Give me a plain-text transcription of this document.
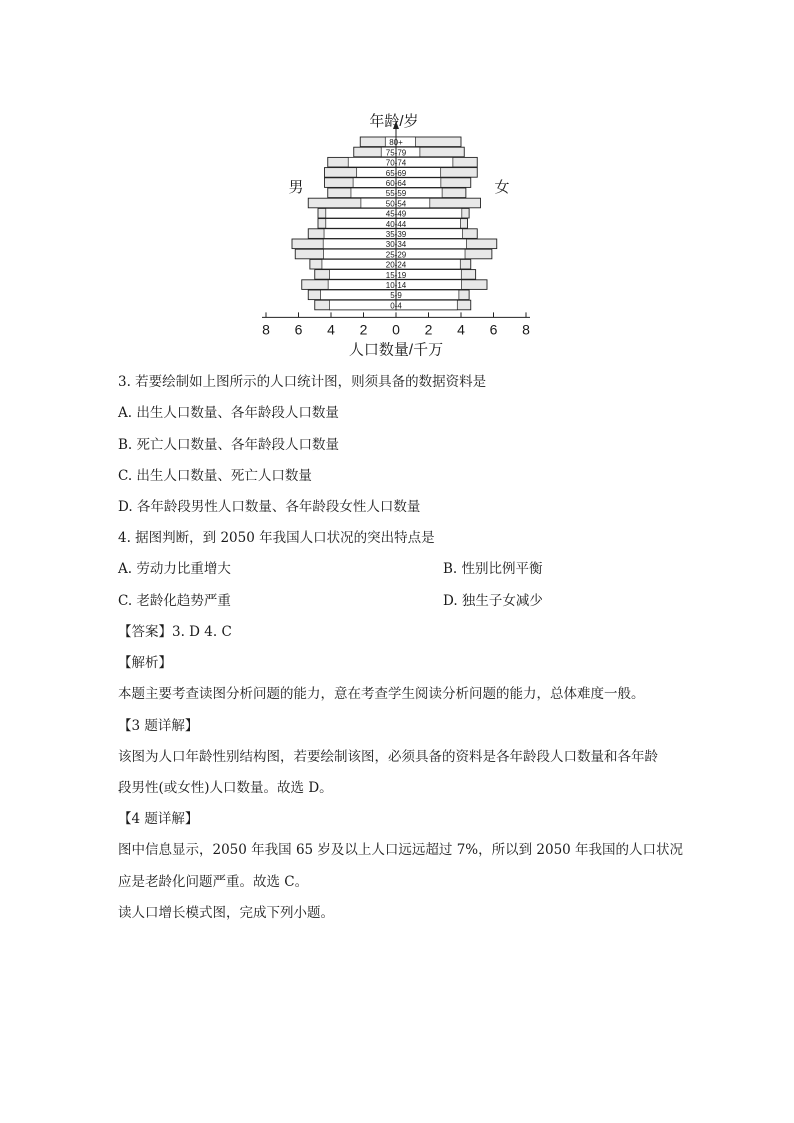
0-4
5-9
10-14
15-19
20-24
25-29
30-34
35-39
40-44
45-49
50-54
55-59
60-64
65-69
70-74
75-79
80+
8 6 4 2 0 2 4 6 8
年龄/岁
人口数量/千万
男	女
3. 若要绘制如上图所示的人口统计图，则须具备的数据资料是
A. 出生人口数量、各年龄段人口数量
B. 死亡人口数量、各年龄段人口数量
C. 出生人口数量、死亡人口数量
D. 各年龄段男性人口数量、各年龄段女性人口数量
4. 据图判断，到 2050 年我国人口状况的突出特点是
A. 劳动力比重增大	B. 性别比例平衡
C. 老龄化趋势严重	D. 独生子女减少
【答案】3. D 4. C
【解析】
本题主要考查读图分析问题的能力，意在考查学生阅读分析问题的能力，总体难度一般。
【3 题详解】
该图为人口年龄性别结构图，若要绘制该图，必须具备的资料是各年龄段人口数量和各年龄
段男性(或女性)人口数量。故选 D。
【4 题详解】
图中信息显示，2050 年我国 65 岁及以上人口远远超过 7%，所以到 2050 年我国的人口状况
应是老龄化问题严重。故选 C。
读人口增长模式图，完成下列小题。
